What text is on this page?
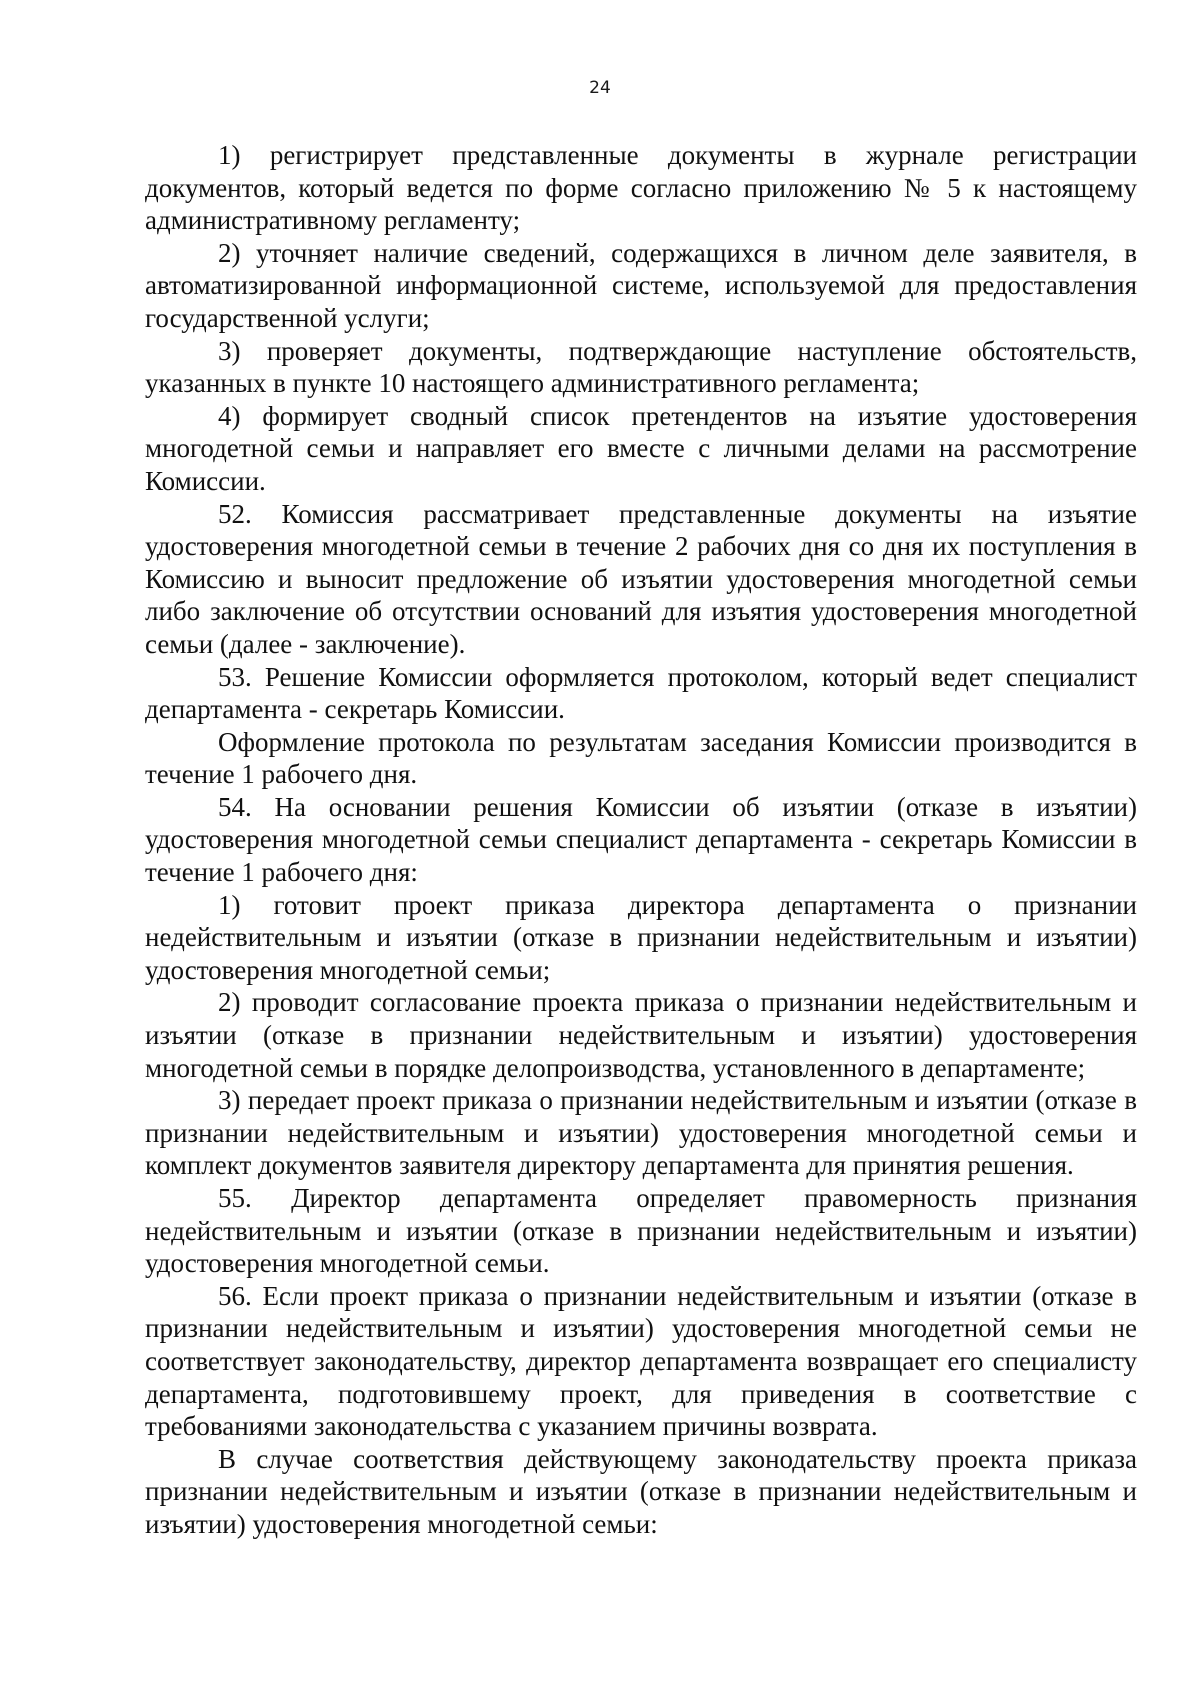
24

1) регистрирует представленные документы в журнале регистрации документов, который ведется по форме согласно приложению № 5 к настоящему административному регламенту;

2) уточняет наличие сведений, содержащихся в личном деле заявителя, в автоматизированной информационной системе, используемой для предоставления государственной услуги;

3) проверяет документы, подтверждающие наступление обстоятельств, указанных в пункте 10 настоящего административного регламента;

4) формирует сводный список претендентов на изъятие удостоверения многодетной семьи и направляет его вместе с личными делами на рассмотрение Комиссии.

52. Комиссия рассматривает представленные документы на изъятие удостоверения многодетной семьи в течение 2 рабочих дня со дня их поступления в Комиссию и выносит предложение об изъятии удостоверения многодетной семьи либо заключение об отсутствии оснований для изъятия удостоверения многодетной семьи (далее - заключение).

53. Решение Комиссии оформляется протоколом, который ведет специалист департамента - секретарь Комиссии.

Оформление протокола по результатам заседания Комиссии производится в течение 1 рабочего дня.

54. На основании решения Комиссии об изъятии (отказе в изъятии) удостоверения многодетной семьи специалист департамента - секретарь Комиссии в течение 1 рабочего дня:

1) готовит проект приказа директора департамента о признании недействительным и изъятии (отказе в признании недействительным и изъятии) удостоверения многодетной семьи;

2) проводит согласование проекта приказа о признании недействительным и изъятии (отказе в признании недействительным и изъятии) удостоверения многодетной семьи в порядке делопроизводства, установленного в департаменте;

3) передает проект приказа о признании недействительным и изъятии (отказе в признании недействительным и изъятии) удостоверения многодетной семьи и комплект документов заявителя директору департамента для принятия решения.

55. Директор департамента определяет правомерность признания недействительным и изъятии (отказе в признании недействительным и изъятии) удостоверения многодетной семьи.

56. Если проект приказа о признании недействительным и изъятии (отказе в признании недействительным и изъятии) удостоверения многодетной семьи не соответствует законодательству, директор департамента возвращает его специалисту департамента, подготовившему проект, для приведения в соответствие с требованиями законодательства с указанием причины возврата.

В случае соответствия действующему законодательству проекта приказа признании недействительным и изъятии (отказе в признании недействительным и изъятии) удостоверения многодетной семьи:
